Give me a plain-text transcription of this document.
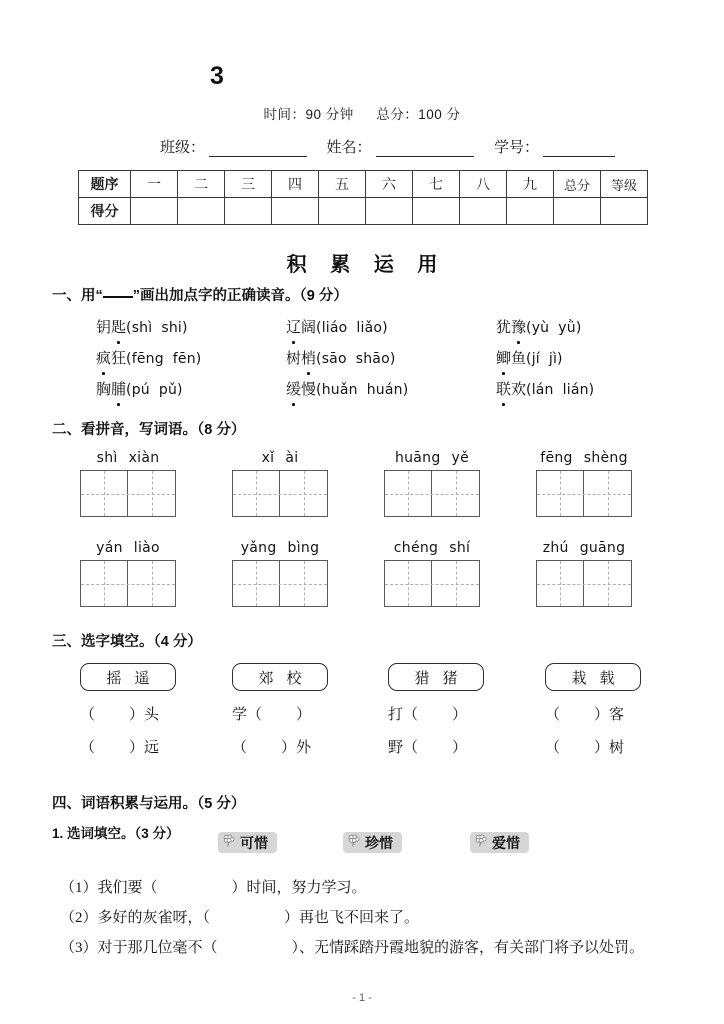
3
时间：90 分钟 总分：100 分
班级：	姓名：	学号：
题序	一	二	三	四	五	六	七	八	九	总分	等级
得分											
积 累 运 用
一、用“ ”画出加点字的正确读音。（9 分）
钥匙(shì shi)	辽阔(liáo liǎo)	犹豫(yù yǜ)
疯狂(fēng fēn)	树梢(sāo shāo)	鲫鱼(jí jì)
胸脯(pú pǔ)	缓慢(huǎn huán)	联欢(lán lián)
二、看拼音，写词语。（8 分）
shì xiàn	xǐ ài	huāng yě	fēng shèng
yán liào	yǎng bìng	chéng shí	zhú guāng
三、选字填空。（4 分）
摇遥
（ ）头
（ ）远
郊校
学（ ）
（ ）外
猎猪
打（ ）
野（ ）
栽载
（ ）客
（ ）树
四、词语积累与运用。（5 分）
1. 选词填空。（3 分）
可惜	珍惜	爱惜
（1）我们要（	）时间，努力学习。
（2）多好的灰雀呀，（	）再也飞不回来了。
（3）对于那几位毫不（	）、无情踩踏丹霞地貌的游客，有关部门将予以处罚。
- 1 -
